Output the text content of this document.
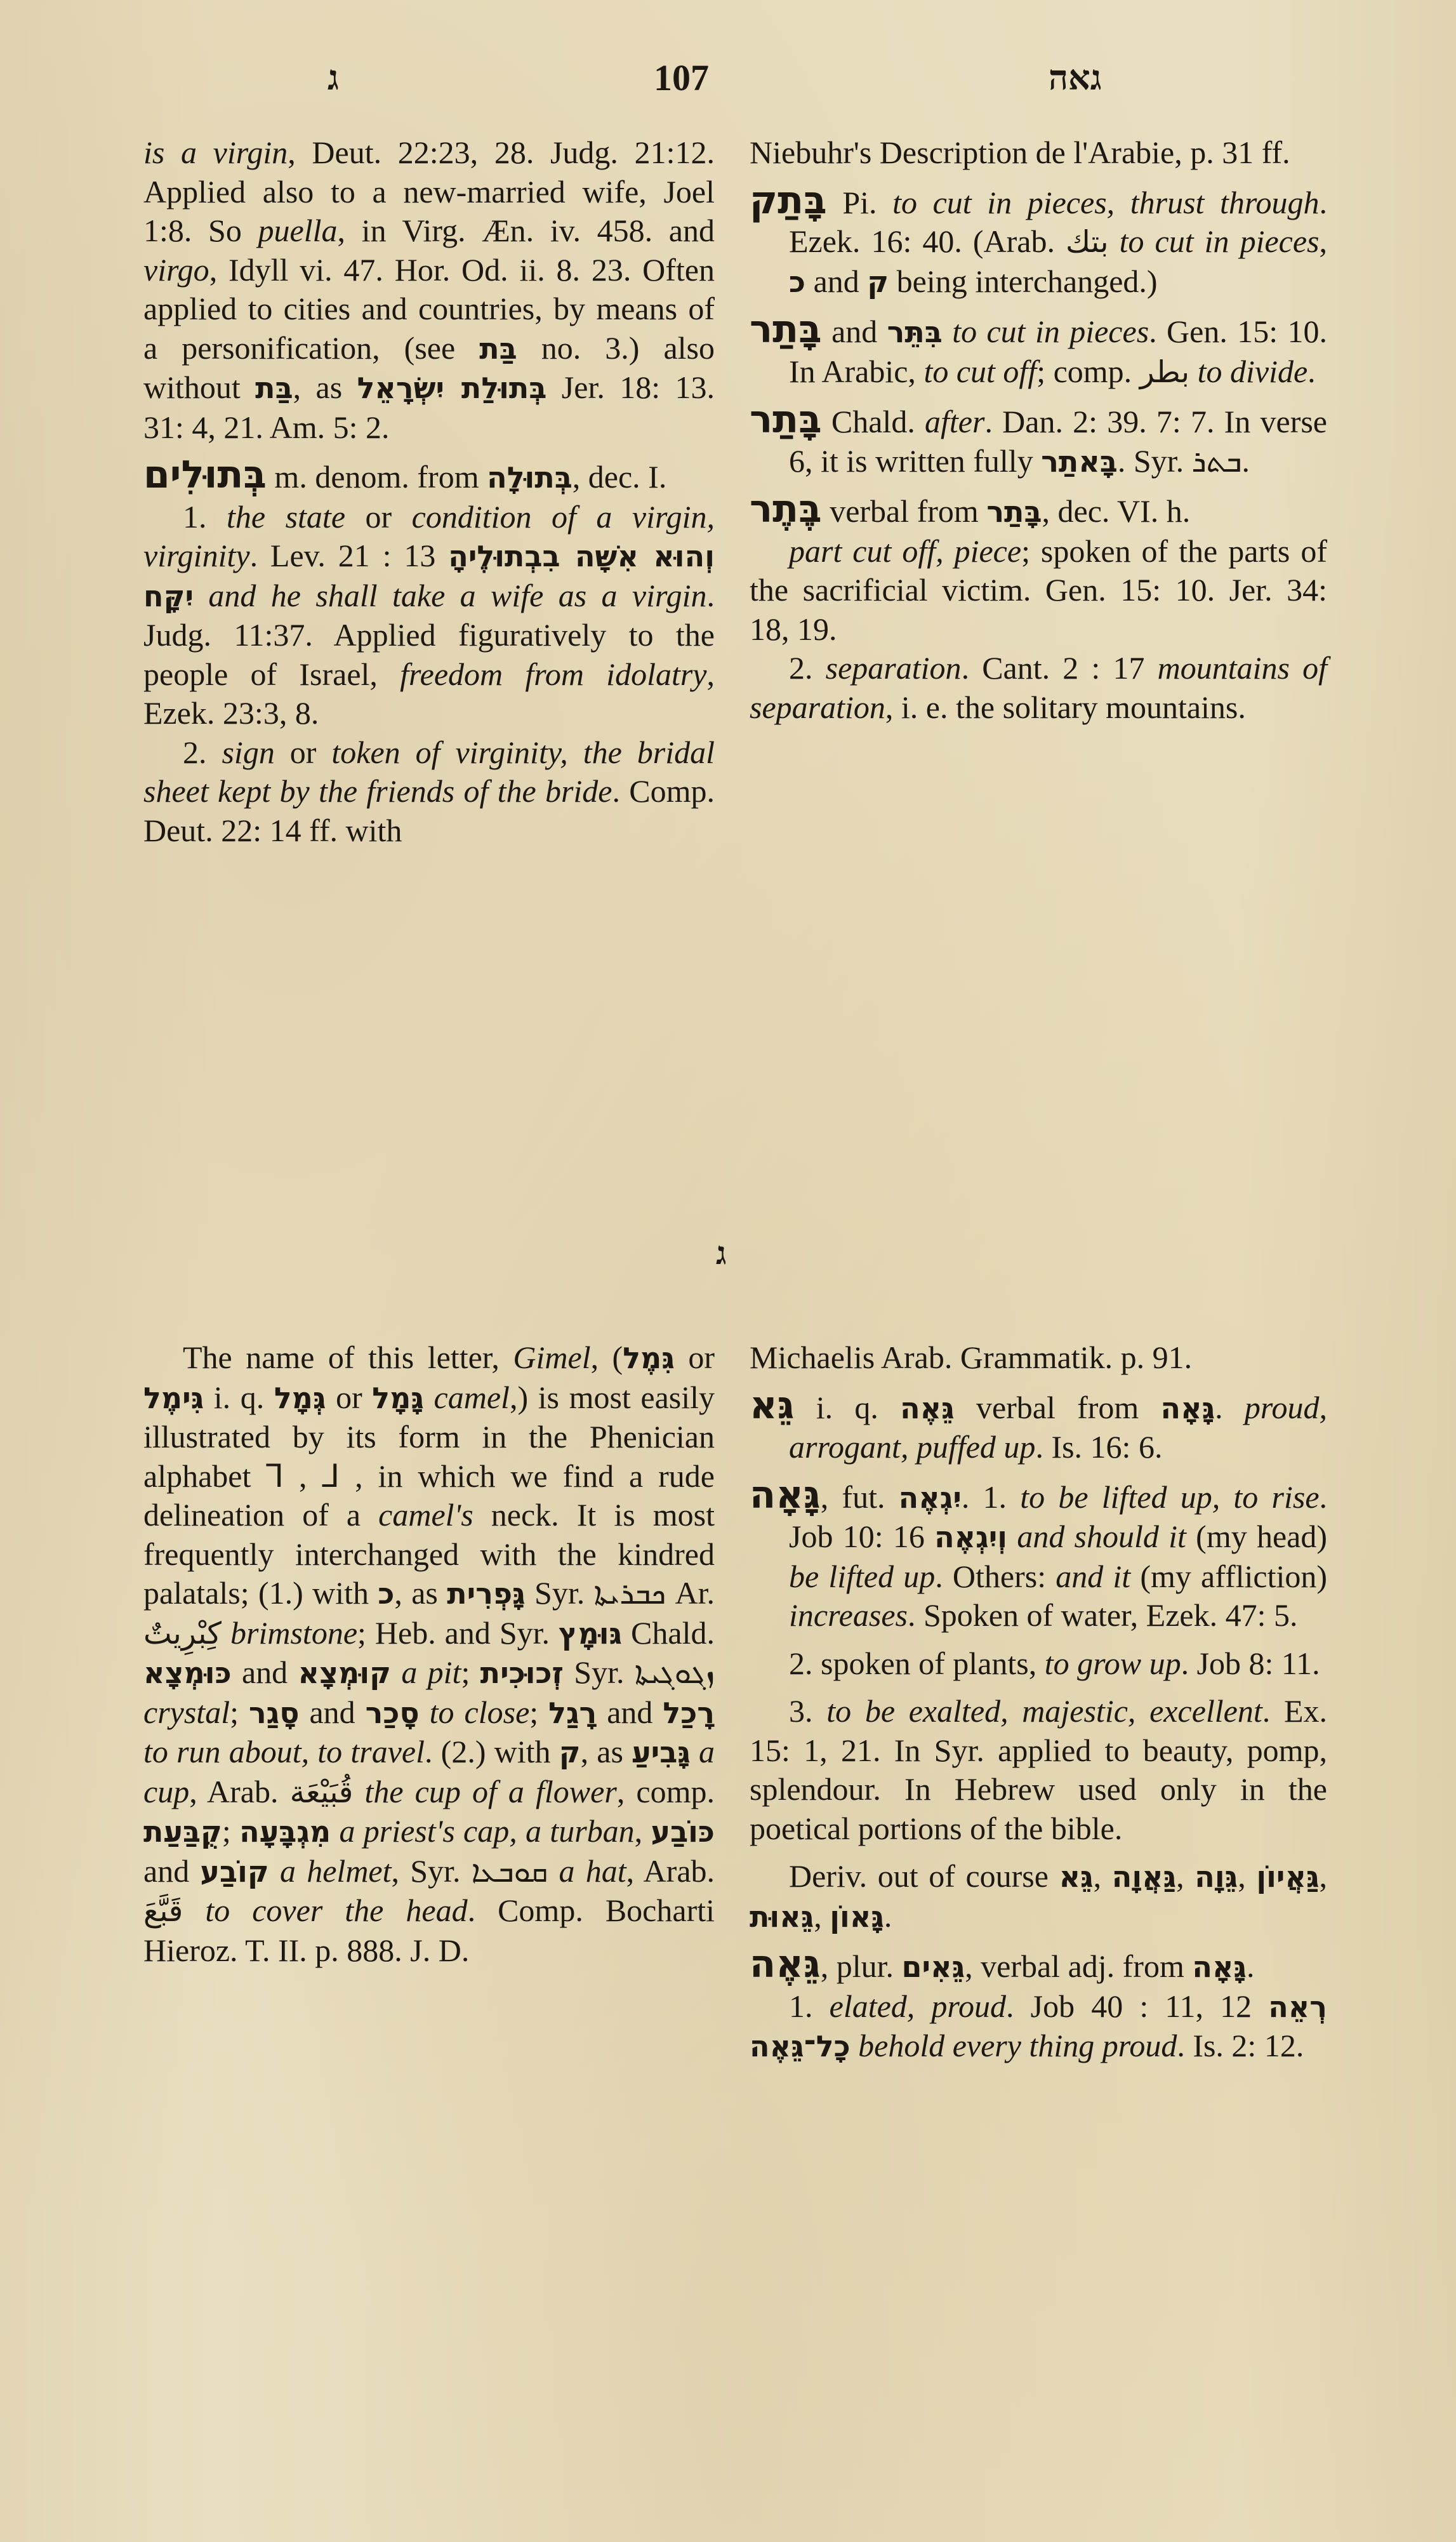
ג	107	גאה

is a virgin, Deut. 22:23, 28. Judg. 21:12. Applied also to a new-married wife, Joel 1:8. So puella, in Virg. Æn. iv. 458. and virgo, Idyll vi. 47. Hor. Od. ii. 8. 23. Often applied to cities and countries, by means of a personification, (see בַּת no. 3.) also without בַּת, as בְּתוּלַת יִשְׂרָאֵל Jer. 18: 13. 31: 4, 21. Am. 5: 2.

בְּתוּלִים m. denom. from בְּתוּלָה, dec. I.

1. the state or condition of a virgin, virginity. Lev. 21 : 13 וְהוּא אִשָּׁה בִבְתוּלֶיהָ יִקָּח and he shall take a wife as a virgin. Judg. 11:37. Applied figuratively to the people of Israel, freedom from idolatry, Ezek. 23:3, 8.

2. sign or token of virginity, the bridal sheet kept by the friends of the bride. Comp. Deut. 22: 14 ff. with

Niebuhr's Description de l'Arabie, p. 31 ff.

בָּתַק Pi. to cut in pieces, thrust through. Ezek. 16: 40. (Arab. بتك to cut in pieces, כ and ק being interchanged.)

בָּתַר and בִּתֵּר to cut in pieces. Gen. 15: 10. In Arabic, to cut off; comp. بطر to divide.

בָּתַר Chald. after. Dan. 2: 39. 7: 7. In verse 6, it is written fully בָּאתַר. Syr. ܒܬܪ.

בֶּתֶר verbal from בָּתַר, dec. VI. h.

part cut off, piece; spoken of the parts of the sacrificial victim. Gen. 15: 10. Jer. 34: 18, 19.

2. separation. Cant. 2 : 17 mountains of separation, i. e. the solitary mountains.

ג

The name of this letter, Gimel, (גִּמֶל or גִּימֶל i. q. גְּמָל or גָּמָל camel,) is most easily illustrated by its form in the Phenician alphabet ⅂ , ⅃ , in which we find a rude delineation of a camel's neck. It is most frequently interchanged with the kindred palatals; (1.) with כ, as גָּפְרִית Syr. ܟܒܪܝܬܐ Ar. كِبْرِيتٌ brimstone; Heb. and Syr. גּוּמָץ Chald. כּוּמְצָא and קוּמְצָא a pit; זְכוּכִית Syr. ܙܓܘܓܝܬܐ crystal; סָגַר and סָכַר to close; רָגַל and רָכַל to run about, to travel. (2.) with ק, as גָּבִיעַ a cup, Arab. قُبَيْعَة the cup of a flower, comp. קֻבַּעַת; מִגְבָּעָה a priest's cap, a turban, כּוֹבַע and קוֹבַע a helmet, Syr. ܩܘܒܥܐ a hat, Arab. قَبَّعَ to cover the head. Comp. Bocharti Hieroz. T. II. p. 888. J. D.

Michaelis Arab. Grammatik. p. 91.

גֵּא i. q. גֵּאֶה verbal from גָּאָה. proud, arrogant, puffed up. Is. 16: 6.

גָּאָה, fut. יִגְאֶה. 1. to be lifted up, to rise. Job 10: 16 וְיִגְאֶה and should it (my head) be lifted up. Others: and it (my affliction) increases. Spoken of water, Ezek. 47: 5.

2. spoken of plants, to grow up. Job 8: 11.

3. to be exalted, majestic, excellent. Ex. 15: 1, 21. In Syr. applied to beauty, pomp, splendour. In Hebrew used only in the poetical portions of the bible.

Deriv. out of course גֵּא, גַּאֲוָה, גֵּוָה, גַּאֲיוֹן, גֵּאוּת, גָּאוֹן.

גֵּאֶה, plur. גֵּאִים, verbal adj. from גָּאָה.

1. elated, proud. Job 40 : 11, 12 רְאֵה כָל־גֵּאֶה behold every thing proud. Is. 2: 12.
